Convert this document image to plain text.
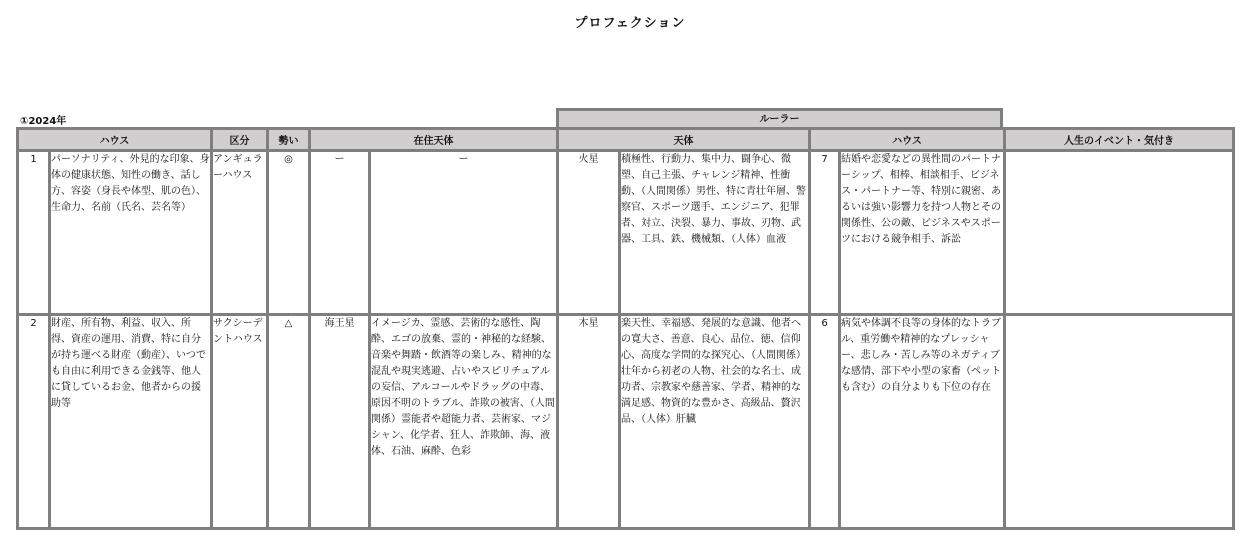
プロフェクション
①2024年	ルーラー
ハウス		区分	勢い	在住天体		天体		ハウス		人生のイベント・気付き
1	パーソナリティ、外見的な印象、身体の健康状態、知性の働き、話し方、容姿（身長や体型、肌の色）、生命力、名前（氏名、芸名等）	アンギュラーハウス	◎	ー	ー	火星	積極性、行動力、集中力、闘争心、微塑、自己主張、チャレンジ精神、性衝動、（人間関係）男性、特に青壮年層、警察官、スポーツ選手、エンジニア、犯罪者、対立、決裂、暴力、事故、刃物、武器、工具、鉄、機械類、（人体）血液	7	結婚や恋愛などの異性間のパートナーシップ、相棒、相談相手、ビジネス・パートナー等、特別に親密、あるいは強い影響力を持つ人物とその関係性、公の敵、ビジネスやスポーツにおける競争相手、訴訟	
2	財産、所有物、利益、収入、所得、資産の運用、消費、特に自分が持ち運べる財産（動産）、いつでも自由に利用できる金銭等、他人に貸しているお金、他者からの援助等	サクシーデントハウス	△	海王星	イメージカ、霊感、芸術的な感性、陶酔、エゴの放棄、霊的・神秘的な経験、音楽や舞踏・飲酒等の楽しみ、精神的な混乱や現実逃避、占いやスピリチュアルの妄信、アルコールやドラッグの中毒、原因不明のトラブル、詐欺の被害、（人間関係）霊能者や超能力者、芸術家、マジシャン、化学者、狂人、詐欺師、海、液体、石油、麻酔、色彩	木星	楽天性、幸福感、発展的な意識、他者への寛大さ、善意、良心、品位、徳、信仰心、高度な学問的な探究心、（人間関係）壮年から初老の人物、社会的な名士、成功者、宗教家や慈善家、学者、精神的な満足感、物資的な豊かさ、高級品、贅沢品、（人体）肝臓	6	病気や体調不良等の身体的なトラブル、重労働や精神的なプレッシャー、悲しみ・苦しみ等のネガティブな感情、部下や小型の家畜（ペットも含む）の自分よりも下位の存在	
